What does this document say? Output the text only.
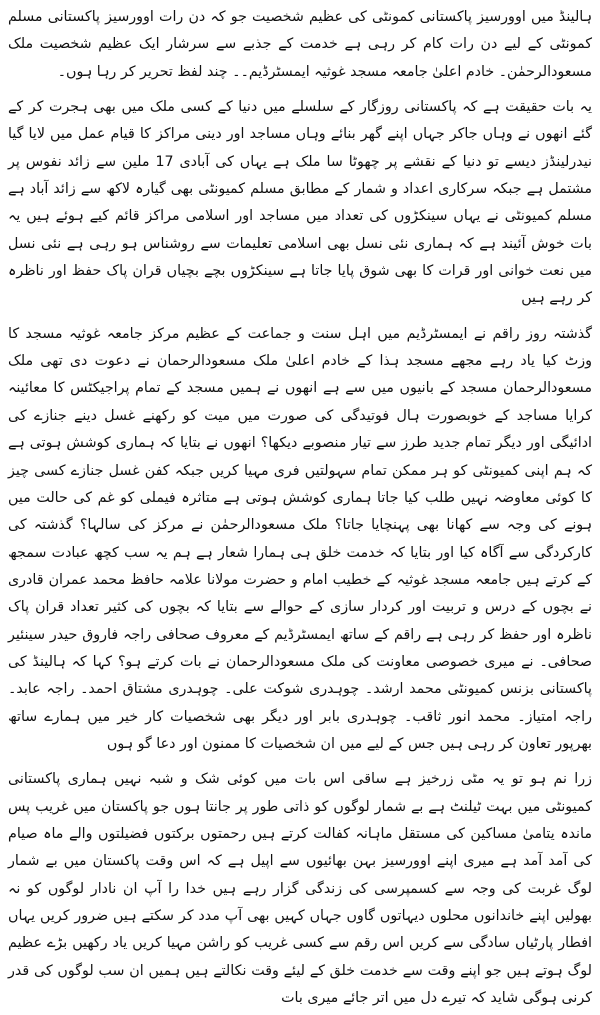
ہالینڈ میں اوورسیز پاکستانی کمونٹی کی عظیم شخصیت جو کہ دن رات اوورسیز پاکستانی مسلم کمونٹی کے لیے دن رات کام کر رہی ہے خدمت کے جذبے سے سرشار ایک عظیم شخصیت ملک مسعودالرحمٰن۔ خادم اعلیٰ جامعہ مسجد غوثیہ ایمسٹرڈیم۔۔ چند لفظ تحریر کر رہا ہوں۔

یہ بات حقیقت ہے کہ پاکستانی روزگار کے سلسلے میں دنیا کے کسی ملک میں بھی ہجرت کر کے گئے انھوں نے وہاں جاکر جہاں اپنے گھر بنائے وہاں مساجد اور دینی مراکز کا قیام عمل میں لایا گیا نیدرلینڈز دیسے تو دنیا کے نقشے پر چھوٹا سا ملک ہے یہاں کی آبادی 17 ملین سے زائد نفوس پر مشتمل ہے جبکہ سرکاری اعداد و شمار کے مطابق مسلم کمیونٹی بھی گیارہ لاکھ سے زائد آباد ہے مسلم کمیونٹی نے یہاں سینکڑوں کی تعداد میں مساجد اور اسلامی مراکز قائم کیے ہوئے ہیں یہ بات خوش آئیند ہے کہ ہماری نئی نسل بھی اسلامی تعلیمات سے روشناس ہو رہی ہے نئی نسل میں نعت خوانی اور قرات کا بھی شوق پایا جاتا ہے سینکڑوں بچے بچیاں قران پاک حفظ اور ناظرہ کر رہے ہیں

گذشتہ روز راقم نے ایمسٹرڈیم میں اہل سنت و جماعت کے عظیم مرکز جامعہ غوثیہ مسجد کا وزٹ کیا یاد رہے مجھے مسجد ہذا کے خادم اعلیٰ ملک مسعودالرحمان نے دعوت دی تھی ملک مسعودالرحمان مسجد کے بانیوں میں سے ہے انھوں نے ہمیں مسجد کے تمام پراجیکٹس کا معائینہ کرایا مساجد کے خوبصورت ہال فوتیدگی کی صورت میں میت کو رکھنے غسل دینے جنازے کی ادائیگی اور دیگر تمام جدید طرز سے تیار منصوبے دیکھا؟ انھوں نے بتایا کہ ہماری کوشش ہوتی ہے کہ ہم اپنی کمیونٹی کو ہر ممکن تمام سہولتیں فری مہیا کریں جبکہ کفن غسل جنازے کسی چیز کا کوئی معاوضہ نہیں طلب کیا جاتا ہماری کوشش ہوتی ہے متاثرہ فیملی کو غم کی حالت میں ہونے کی وجہ سے کھانا بھی پہنچایا جاتا؟ ملک مسعودالرحمٰن نے مرکز کی سالہا؟ گذشتہ کی کارکردگی سے آگاہ کیا اور بتایا کہ خدمت خلق ہی ہمارا شعار ہے ہم یہ سب کچھ عبادت سمجھ کے کرتے ہیں جامعہ مسجد غوثیہ کے خطیب امام و حضرت مولانا علامہ حافظ محمد عمران قادری نے بچوں کے درس و تربیت اور کردار سازی کے حوالے سے بتایا کہ بچوں کی کثیر تعداد قران پاک ناظرہ اور حفظ کر رہی ہے راقم کے ساتھ ایمسٹرڈیم کے معروف صحافی راجہ فاروق حیدر سینئیر صحافی۔ نے میری خصوصی معاونت کی ملک مسعودالرحمان نے بات کرتے ہو؟ کہا کہ ہالینڈ کی پاکستانی بزنس کمیونٹی محمد ارشد۔ چوہدری شوکت علی۔ چوہدری مشتاق احمد۔ راجہ عابد۔ راجہ امتیاز۔ محمد انور ثاقب۔ چوہدری بابر اور دیگر بھی شخصیات کار خیر میں ہمارے ساتھ بھرپور تعاون کر رہی ہیں جس کے لیے میں ان شخصیات کا ممنون اور دعا گو ہوں

زرا نم ہو تو یہ مٹی زرخیز ہے ساقی اس بات میں کوئی شک و شبہ نہیں ہماری پاکستانی کمیونٹی میں بہت ٹیلنٹ ہے بے شمار لوگوں کو ذاتی طور پر جانتا ہوں جو پاکستان میں غریب پس ماندہ یتامیٰ مساکین کی مستقل ماہانہ کفالت کرتے ہیں رحمتوں برکتوں فضیلتوں والے ماہ صیام کی آمد آمد ہے میری اپنے اوورسیز بہن بھائیوں سے اپیل ہے کہ اس وقت پاکستان میں بے شمار لوگ غربت کی وجہ سے کسمپرسی کی زندگی گزار رہے ہیں خدا را آپ ان نادار لوگوں کو نہ بھولیں اپنے خاندانوں محلوں دیہاتوں گاوں جہاں کہیں بھی آپ مدد کر سکتے ہیں ضرور کریں یہاں افطار پارٹیاں سادگی سے کریں اس رقم سے کسی غریب کو راشن مہیا کریں یاد رکھیں بڑے عظیم لوگ ہوتے ہیں جو اپنے وقت سے خدمت خلق کے لیئے وقت نکالتے ہیں ہمیں ان سب لوگوں کی قدر کرنی ہوگی شاید کہ تیرے دل میں اتر جائے میری بات
